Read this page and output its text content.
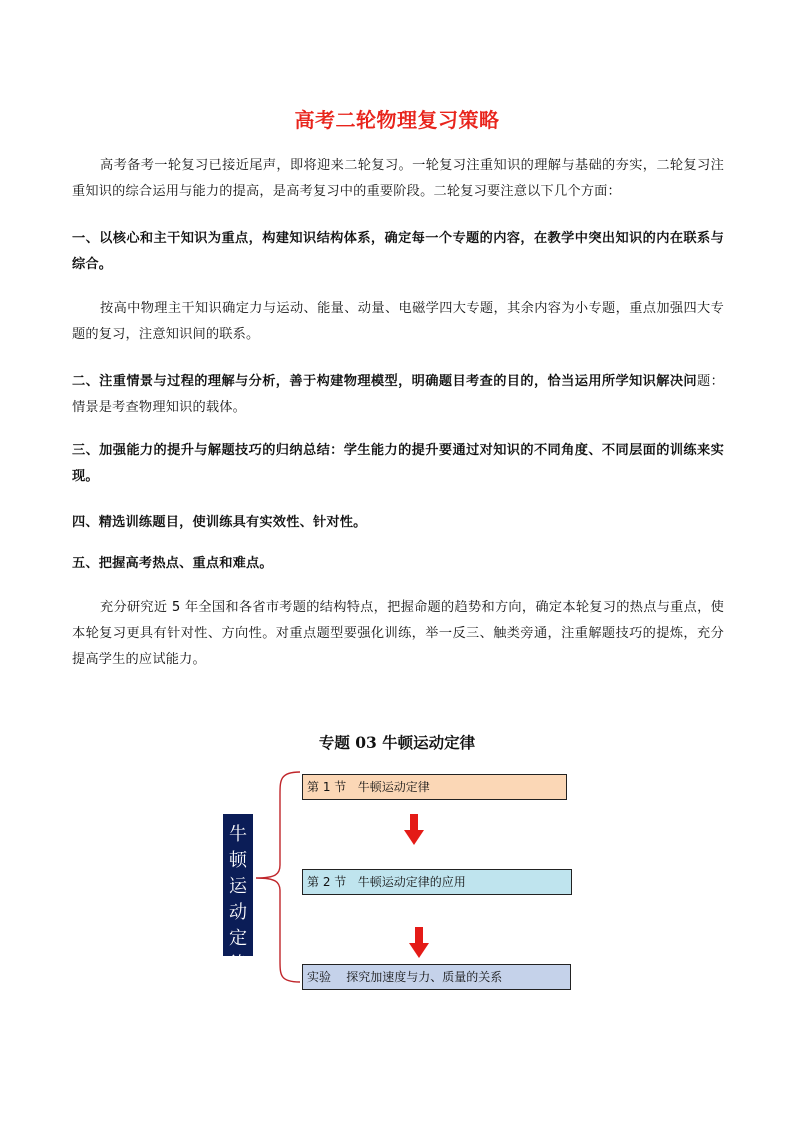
高考二轮物理复习策略
高考备考一轮复习已接近尾声，即将迎来二轮复习。一轮复习注重知识的理解与基础的夯实，二轮复习注重知识的综合运用与能力的提高，是高考复习中的重要阶段。二轮复习要注意以下几个方面：
一、以核心和主干知识为重点，构建知识结构体系，确定每一个专题的内容，在教学中突出知识的内在联系与综合。
按高中物理主干知识确定力与运动、能量、动量、电磁学四大专题，其余内容为小专题，重点加强四大专题的复习，注意知识间的联系。
二、注重情景与过程的理解与分析，善于构建物理模型，明确题目考查的目的，恰当运用所学知识解决问题：情景是考查物理知识的载体。
三、加强能力的提升与解题技巧的归纳总结：学生能力的提升要通过对知识的不同角度、不同层面的训练来实现。
四、精选训练题目，使训练具有实效性、针对性。
五、把握高考热点、重点和难点。
充分研究近 5 年全国和各省市考题的结构特点，把握命题的趋势和方向，确定本轮复习的热点与重点，使本轮复习更具有针对性、方向性。对重点题型要强化训练，举一反三、触类旁通，注重解题技巧的提炼，充分提高学生的应试能力。
专题 03 牛顿运动定律
牛
顿
运
动
定
律
第 1 节   牛顿运动定律
第 2 节   牛顿运动定律的应用
实验    探究加速度与力、质量的关系
